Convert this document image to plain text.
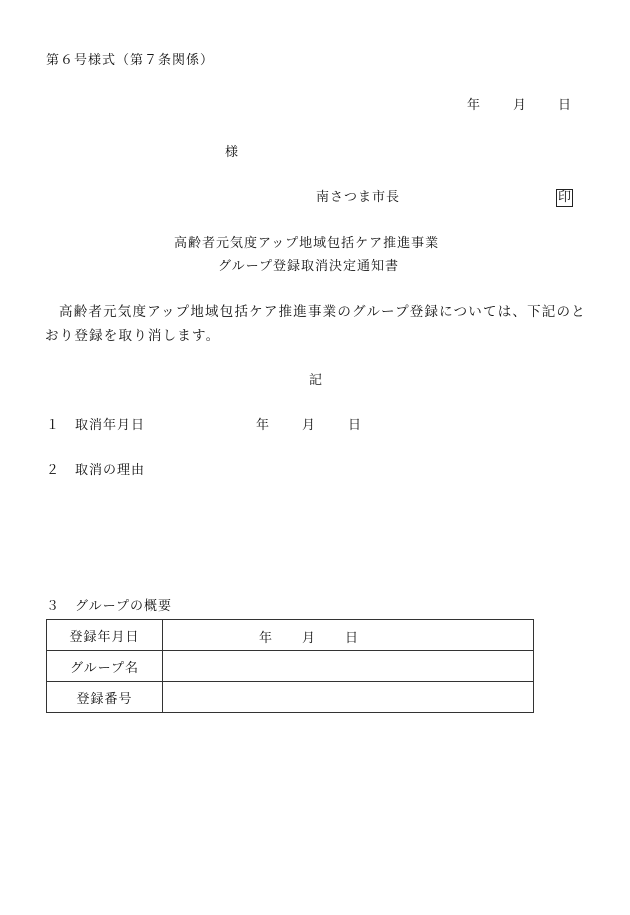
第６号様式（第７条関係）
年 月 日
様
南さつま市長	印
高齢者元気度アップ地域包括ケア推進事業
グループ登録取消決定通知書
高齢者元気度アップ地域包括ケア推進事業のグループ登録については、下記のとおり登録を取り消します。
記
１ 取消年月日	年 月 日
２ 取消の理由
３ グループの概要
登録年月日	年 月 日

グループ名	
登録番号	
